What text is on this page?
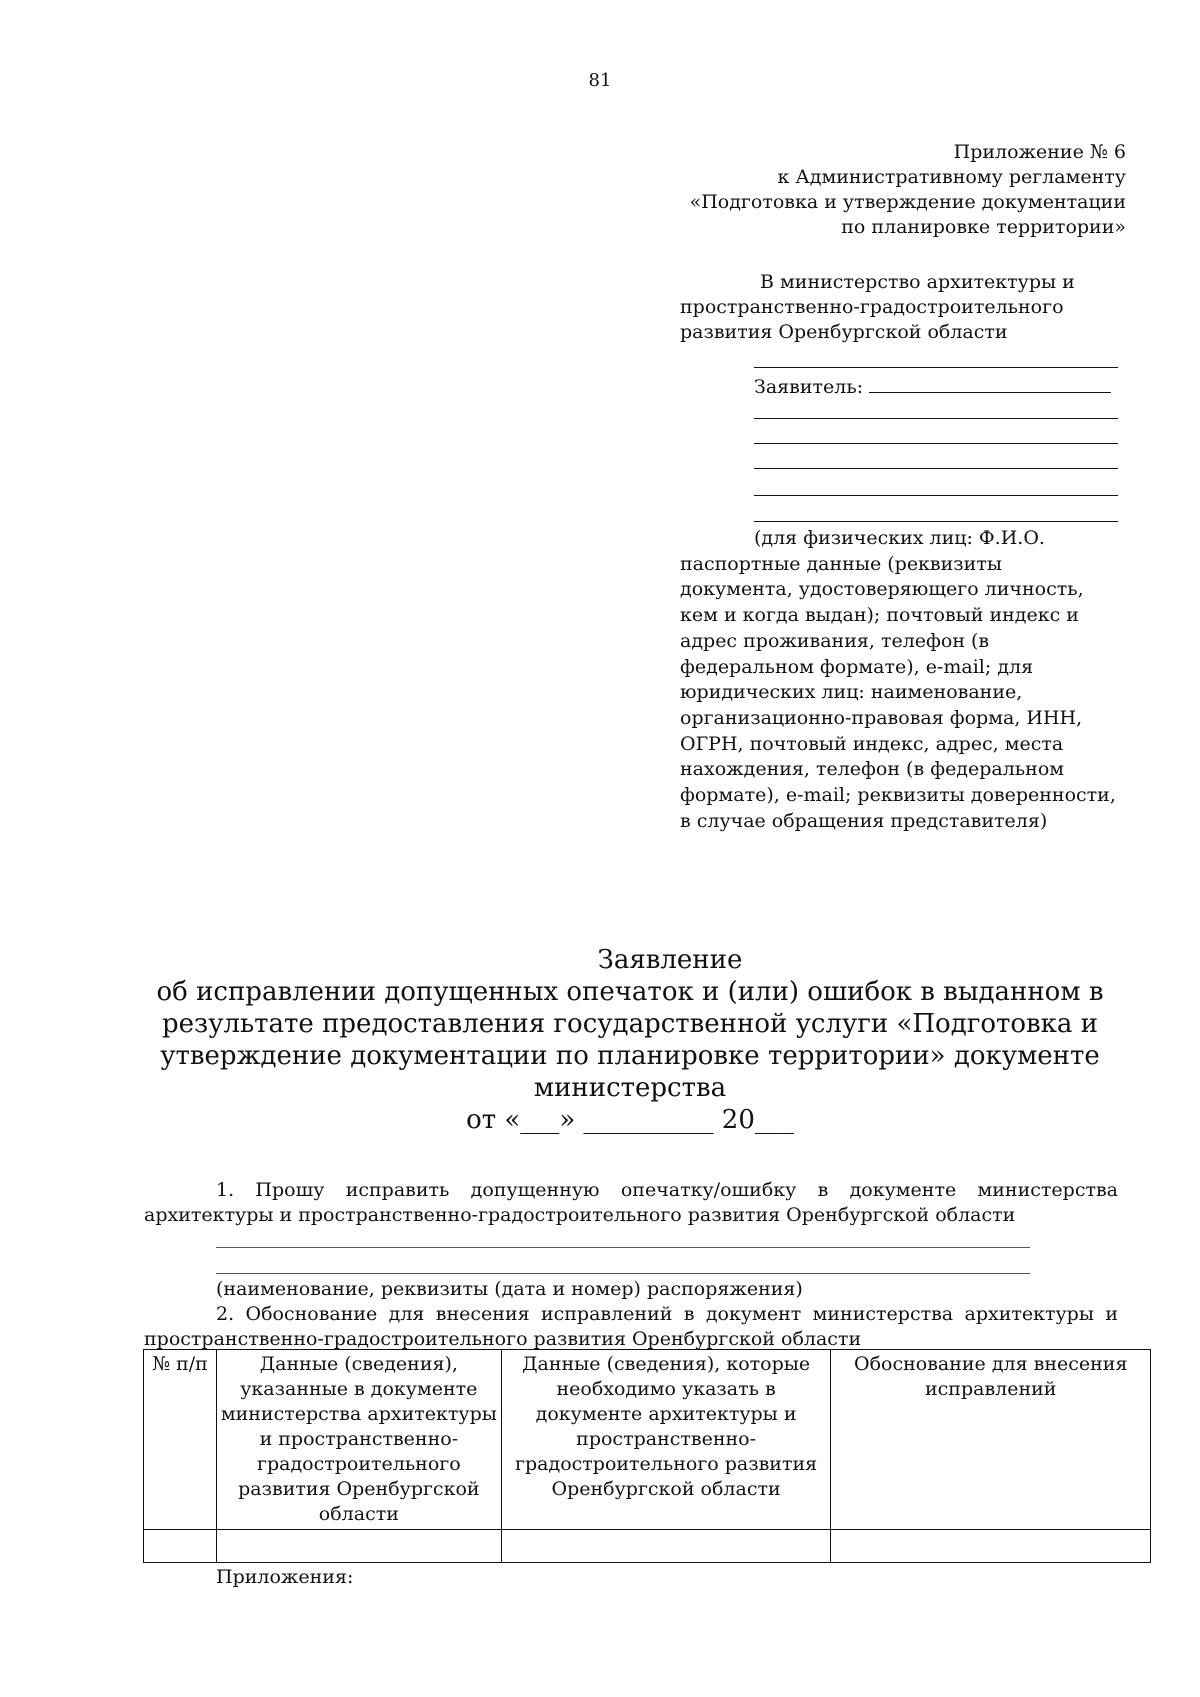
81
Приложение № 6
к Административному регламенту
«Подготовка и утверждение документации
по планировке территории»
В министерство архитектуры и
пространственно-градостроительного
развития Оренбургской области
Заявитель:
(для физических лиц: Ф.И.О. паспортные данные (реквизиты документа, удостоверяющего личность, кем и когда выдан); почтовый индекс и адрес проживания, телефон (в федеральном формате), e-mail; для юридических лиц: наименование, организационно-правовая форма, ИНН, ОГРН, почтовый индекс, адрес, места нахождения, телефон (в федеральном формате), e-mail; реквизиты доверенности, в случае обращения представителя)
Заявление
об исправлении допущенных опечаток и (или) ошибок в выданном в
результате предоставления государственной услуги «Подготовка и
утверждение документации по планировке территории» документе
министерства
от «___» __________ 20___
1. Прошу исправить допущенную опечатку/ошибку в документе министерства
архитектуры и пространственно-градостроительного развития Оренбургской области
(наименование, реквизиты (дата и номер) распоряжения)
2. Обоснование для внесения исправлений в документ министерства архитектуры и
пространственно-градостроительного развития Оренбургской области
№ п/п	Данные (сведения), указанные в документе министерства архитектуры и пространственно-градостроительного развития Оренбургской области	Данные (сведения), которые необходимо указать в документе архитектуры и пространственно-градостроительного развития Оренбургской области	Обоснование для внесения исправлений

Приложения:
